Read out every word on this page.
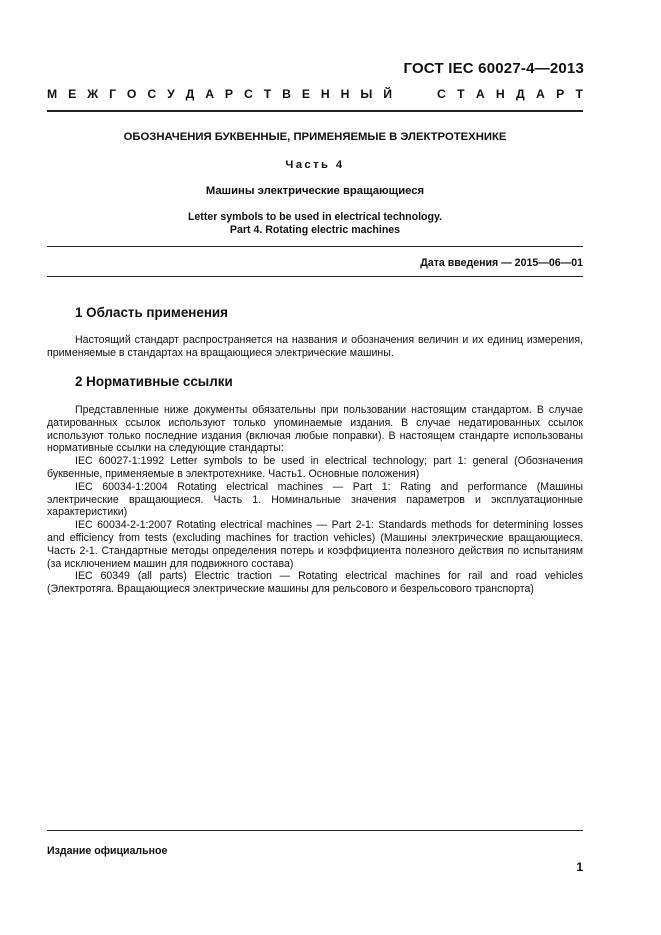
ГОСТ IEC 60027-4—2013
М Е Ж Г О С У Д А Р С Т В Е Н Н Ы Й	С Т А Н Д А Р Т
ОБОЗНАЧЕНИЯ БУКВЕННЫЕ, ПРИМЕНЯЕМЫЕ В ЭЛЕКТРОТЕХНИКЕ
Часть 4
Машины электрические вращающиеся
Letter symbols to be used in electrical technology.
Part 4. Rotating electric machines
Дата введения — 2015—06—01
1 Область применения

Настоящий стандарт распространяется на названия и обозначения величин и их единиц измерения, применяемые в стандартах на вращающиеся электрические машины.

2 Нормативные ссылки

Представленные ниже документы обязательны при пользовании настоящим стандартом. В случае датированных ссылок используют только упоминаемые издания. В случае недатированных ссылок используют только последние издания (включая любые поправки). В настоящем стандарте использованы нормативные ссылки на следующие стандарты:

IEC 60027-1:1992 Letter symbols to be used in electrical technology; part 1: general (Обозначения буквенные, применяемые в электротехнике. Часть1. Основные положения)

IEC 60034-1:2004 Rotating electrical machines — Part 1: Rating and performance (Машины электрические вращающиеся. Часть 1. Номинальные значения параметров и эксплуатационные характеристики)

IEC 60034-2-1:2007 Rotating electrical machines — Part 2-1: Standards methods for determining losses and efficiency from tests (excluding machines for traction vehicles) (Машины электрические вращающиеся. Часть 2-1. Стандартные методы определения потерь и коэффициента полезного действия по испытаниям (за исключением машин для подвижного состава)

IEC 60349 (all parts) Electric traction — Rotating electrical machines for rail and road vehicles (Электротяга. Вращающиеся электрические машины для рельсового и безрельсового транспорта)

Издание официальное
1
